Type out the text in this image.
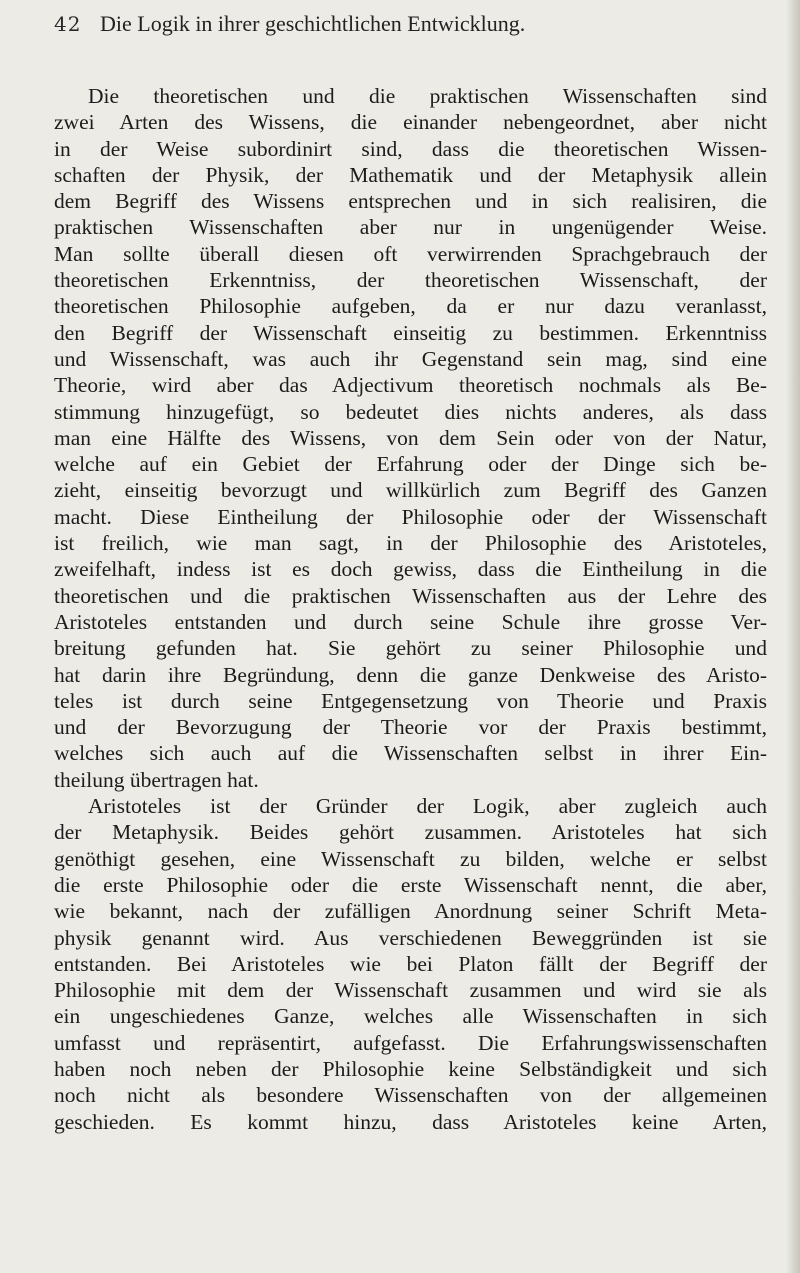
42 Die Logik in ihrer geschichtlichen Entwicklung.
Die theoretischen und die praktischen Wissenschaften sind
zwei Arten des Wissens, die einander nebengeordnet, aber nicht
in der Weise subordinirt sind, dass die theoretischen Wissen-
schaften der Physik, der Mathematik und der Metaphysik allein
dem Begriff des Wissens entsprechen und in sich realisiren, die
praktischen Wissenschaften aber nur in ungenügender Weise.
Man sollte überall diesen oft verwirrenden Sprachgebrauch der
theoretischen Erkenntniss, der theoretischen Wissenschaft, der
theoretischen Philosophie aufgeben, da er nur dazu veranlasst,
den Begriff der Wissenschaft einseitig zu bestimmen. Erkenntniss
und Wissenschaft, was auch ihr Gegenstand sein mag, sind eine
Theorie, wird aber das Adjectivum theoretisch nochmals als Be-
stimmung hinzugefügt, so bedeutet dies nichts anderes, als dass
man eine Hälfte des Wissens, von dem Sein oder von der Natur,
welche auf ein Gebiet der Erfahrung oder der Dinge sich be-
zieht, einseitig bevorzugt und willkürlich zum Begriff des Ganzen
macht. Diese Eintheilung der Philosophie oder der Wissenschaft
ist freilich, wie man sagt, in der Philosophie des Aristoteles,
zweifelhaft, indess ist es doch gewiss, dass die Eintheilung in die
theoretischen und die praktischen Wissenschaften aus der Lehre des
Aristoteles entstanden und durch seine Schule ihre grosse Ver-
breitung gefunden hat. Sie gehört zu seiner Philosophie und
hat darin ihre Begründung, denn die ganze Denkweise des Aristo-
teles ist durch seine Entgegensetzung von Theorie und Praxis
und der Bevorzugung der Theorie vor der Praxis bestimmt,
welches sich auch auf die Wissenschaften selbst in ihrer Ein-
theilung übertragen hat.
Aristoteles ist der Gründer der Logik, aber zugleich auch
der Metaphysik. Beides gehört zusammen. Aristoteles hat sich
genöthigt gesehen, eine Wissenschaft zu bilden, welche er selbst
die erste Philosophie oder die erste Wissenschaft nennt, die aber,
wie bekannt, nach der zufälligen Anordnung seiner Schrift Meta-
physik genannt wird. Aus verschiedenen Beweggründen ist sie
entstanden. Bei Aristoteles wie bei Platon fällt der Begriff der
Philosophie mit dem der Wissenschaft zusammen und wird sie als
ein ungeschiedenes Ganze, welches alle Wissenschaften in sich
umfasst und repräsentirt, aufgefasst. Die Erfahrungswissenschaften
haben noch neben der Philosophie keine Selbständigkeit und sich
noch nicht als besondere Wissenschaften von der allgemeinen
geschieden. Es kommt hinzu, dass Aristoteles keine Arten,
